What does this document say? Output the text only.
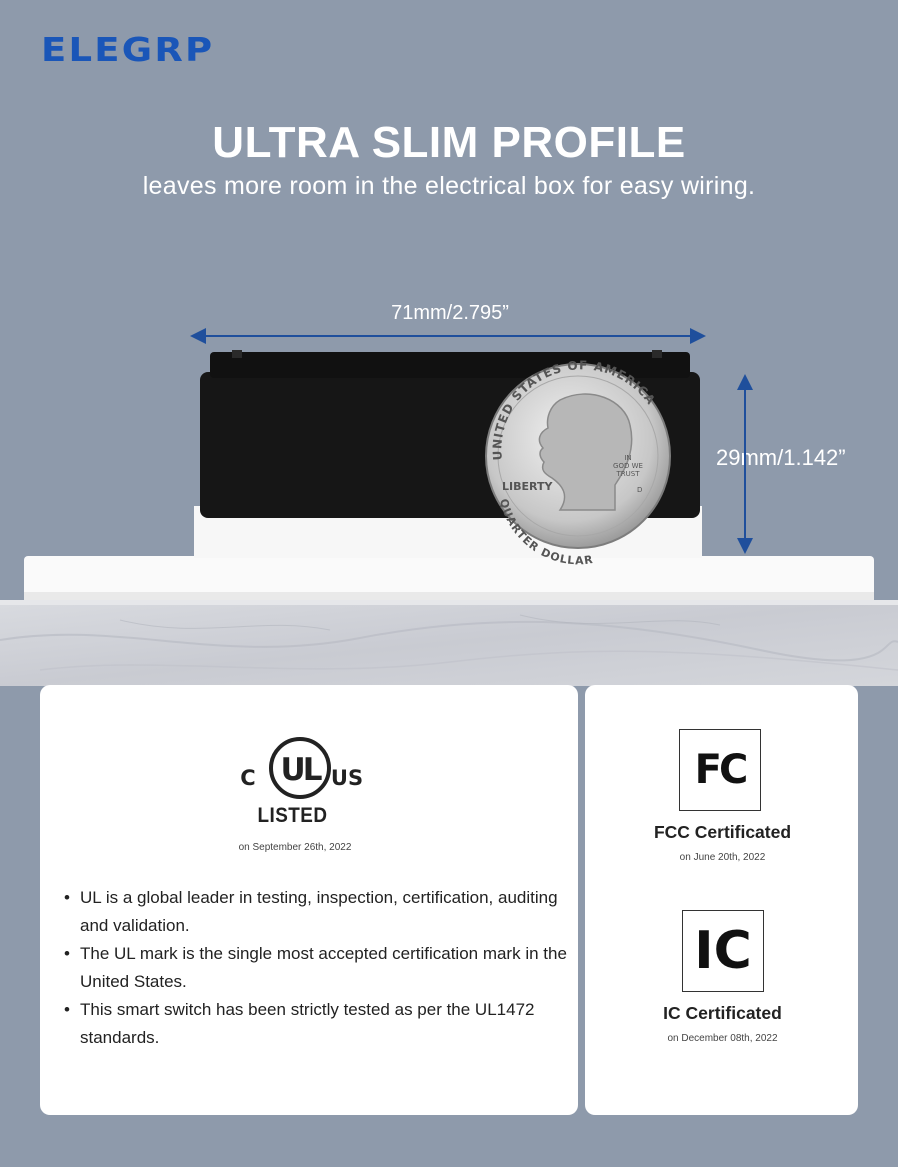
ELEGRP
ULTRA SLIM PROFILE
leaves more room in the electrical box for easy wiring.
71mm/2.795”
29mm/1.142”
UNITED STATES OF AMERICA
QUARTER DOLLAR
LIBERTY
IN
GOD WE
TRUST
D
UL
C	US
LISTED
on September 26th, 2022
• UL is a global leader in testing, inspection, certification, auditing and validation.
• The UL mark is the single most accepted certification mark in the United States.
• This smart switch has been strictly tested as per the UL1472 standards.
FC
FCC Certificated
on June 20th, 2022
IC
IC Certificated
on December 08th, 2022
